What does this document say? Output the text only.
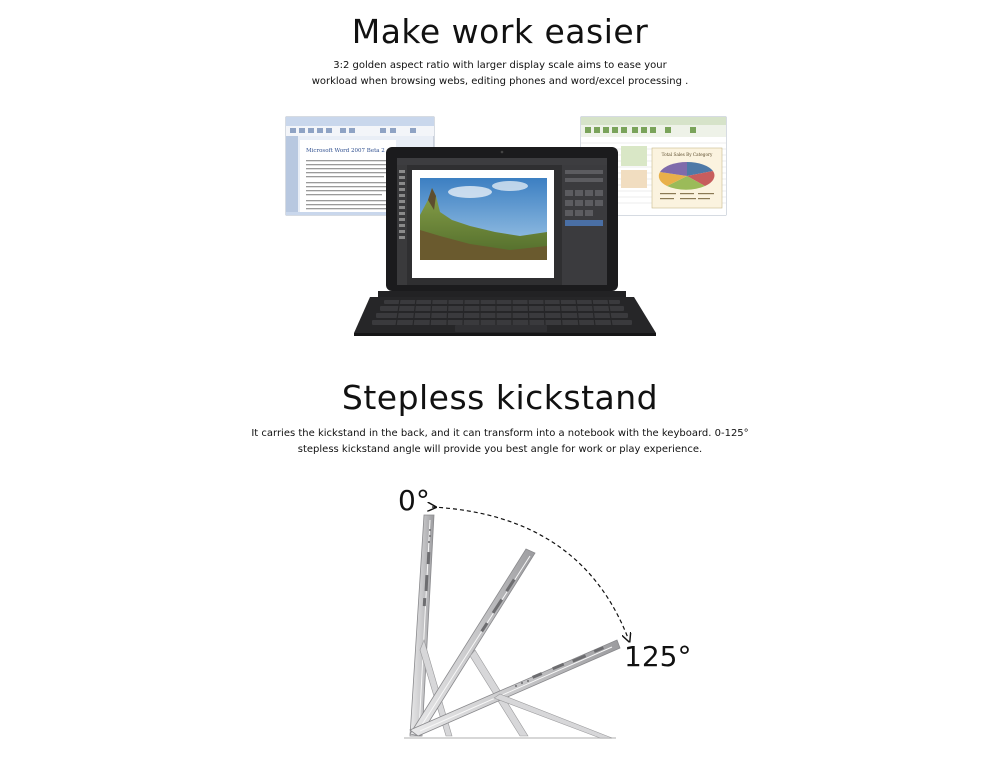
Make work easier
3:2 golden aspect ratio with larger display scale aims to ease your
workload when browsing webs, editing phones and word/excel processing .
Microsoft Word 2007 Beta 2
Total Sales By Category
Stepless kickstand
It carries the kickstand in the back, and it can transform into a notebook with the keyboard. 0-125°
stepless kickstand angle will provide you best angle for work or play experience.
0°
125°
